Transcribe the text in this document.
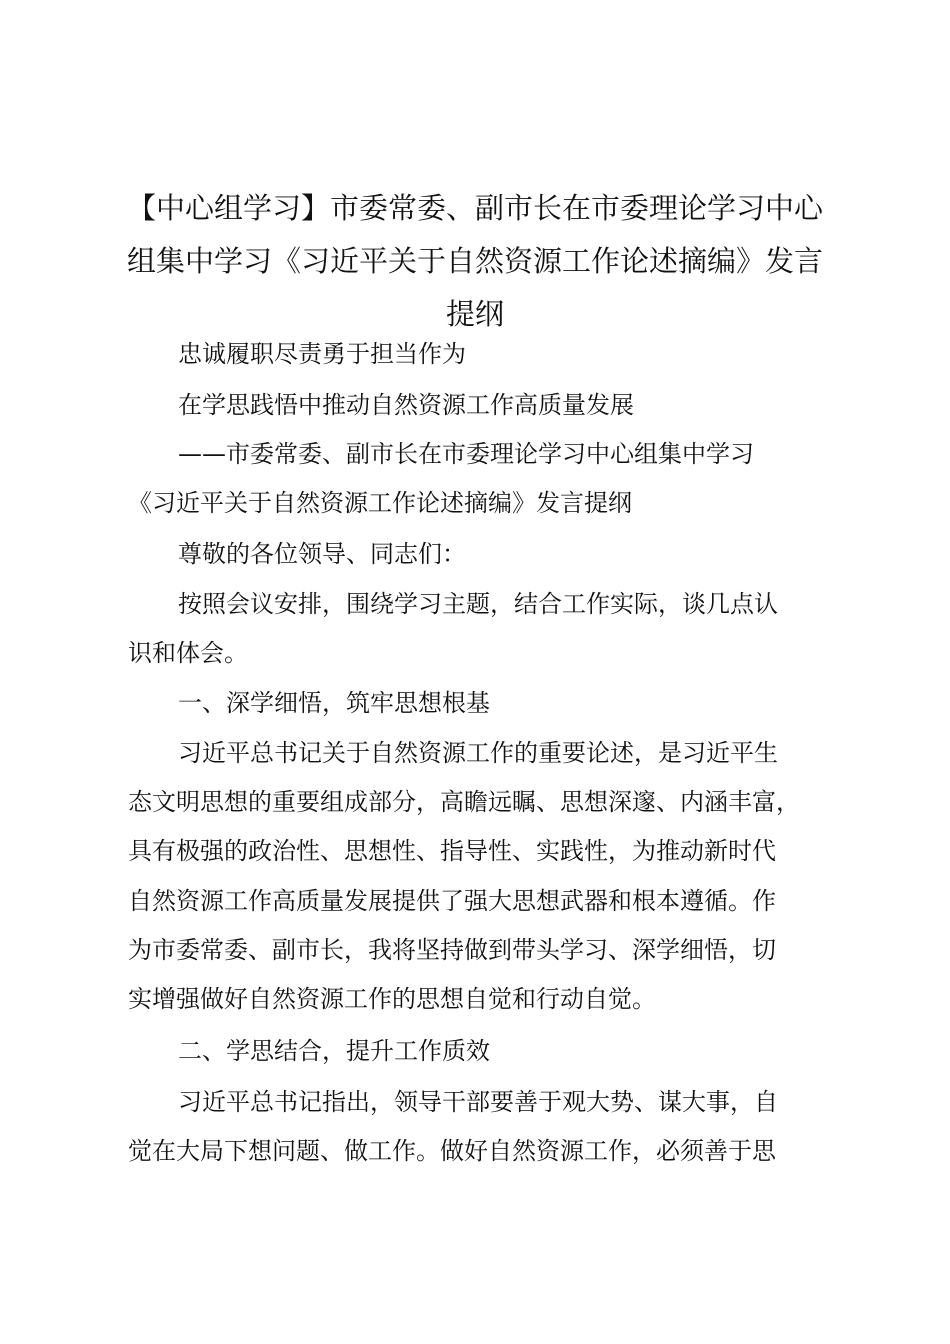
【中心组学习】市委常委、副市长在市委理论学习中心
组集中学习《习近平关于自然资源工作论述摘编》发言
提纲

忠诚履职尽责勇于担当作为

在学思践悟中推动自然资源工作高质量发展

——市委常委、副市长在市委理论学习中心组集中学习

《习近平关于自然资源工作论述摘编》发言提纲

尊敬的各位领导、同志们：

按照会议安排，围绕学习主题，结合工作实际，谈几点认

识和体会。

一、深学细悟，筑牢思想根基

习近平总书记关于自然资源工作的重要论述，是习近平生

态文明思想的重要组成部分，高瞻远瞩、思想深邃、内涵丰富，

具有极强的政治性、思想性、指导性、实践性，为推动新时代

自然资源工作高质量发展提供了强大思想武器和根本遵循。作

为市委常委、副市长，我将坚持做到带头学习、深学细悟，切

实增强做好自然资源工作的思想自觉和行动自觉。

二、学思结合，提升工作质效

习近平总书记指出，领导干部要善于观大势、谋大事，自

觉在大局下想问题、做工作。做好自然资源工作，必须善于思
